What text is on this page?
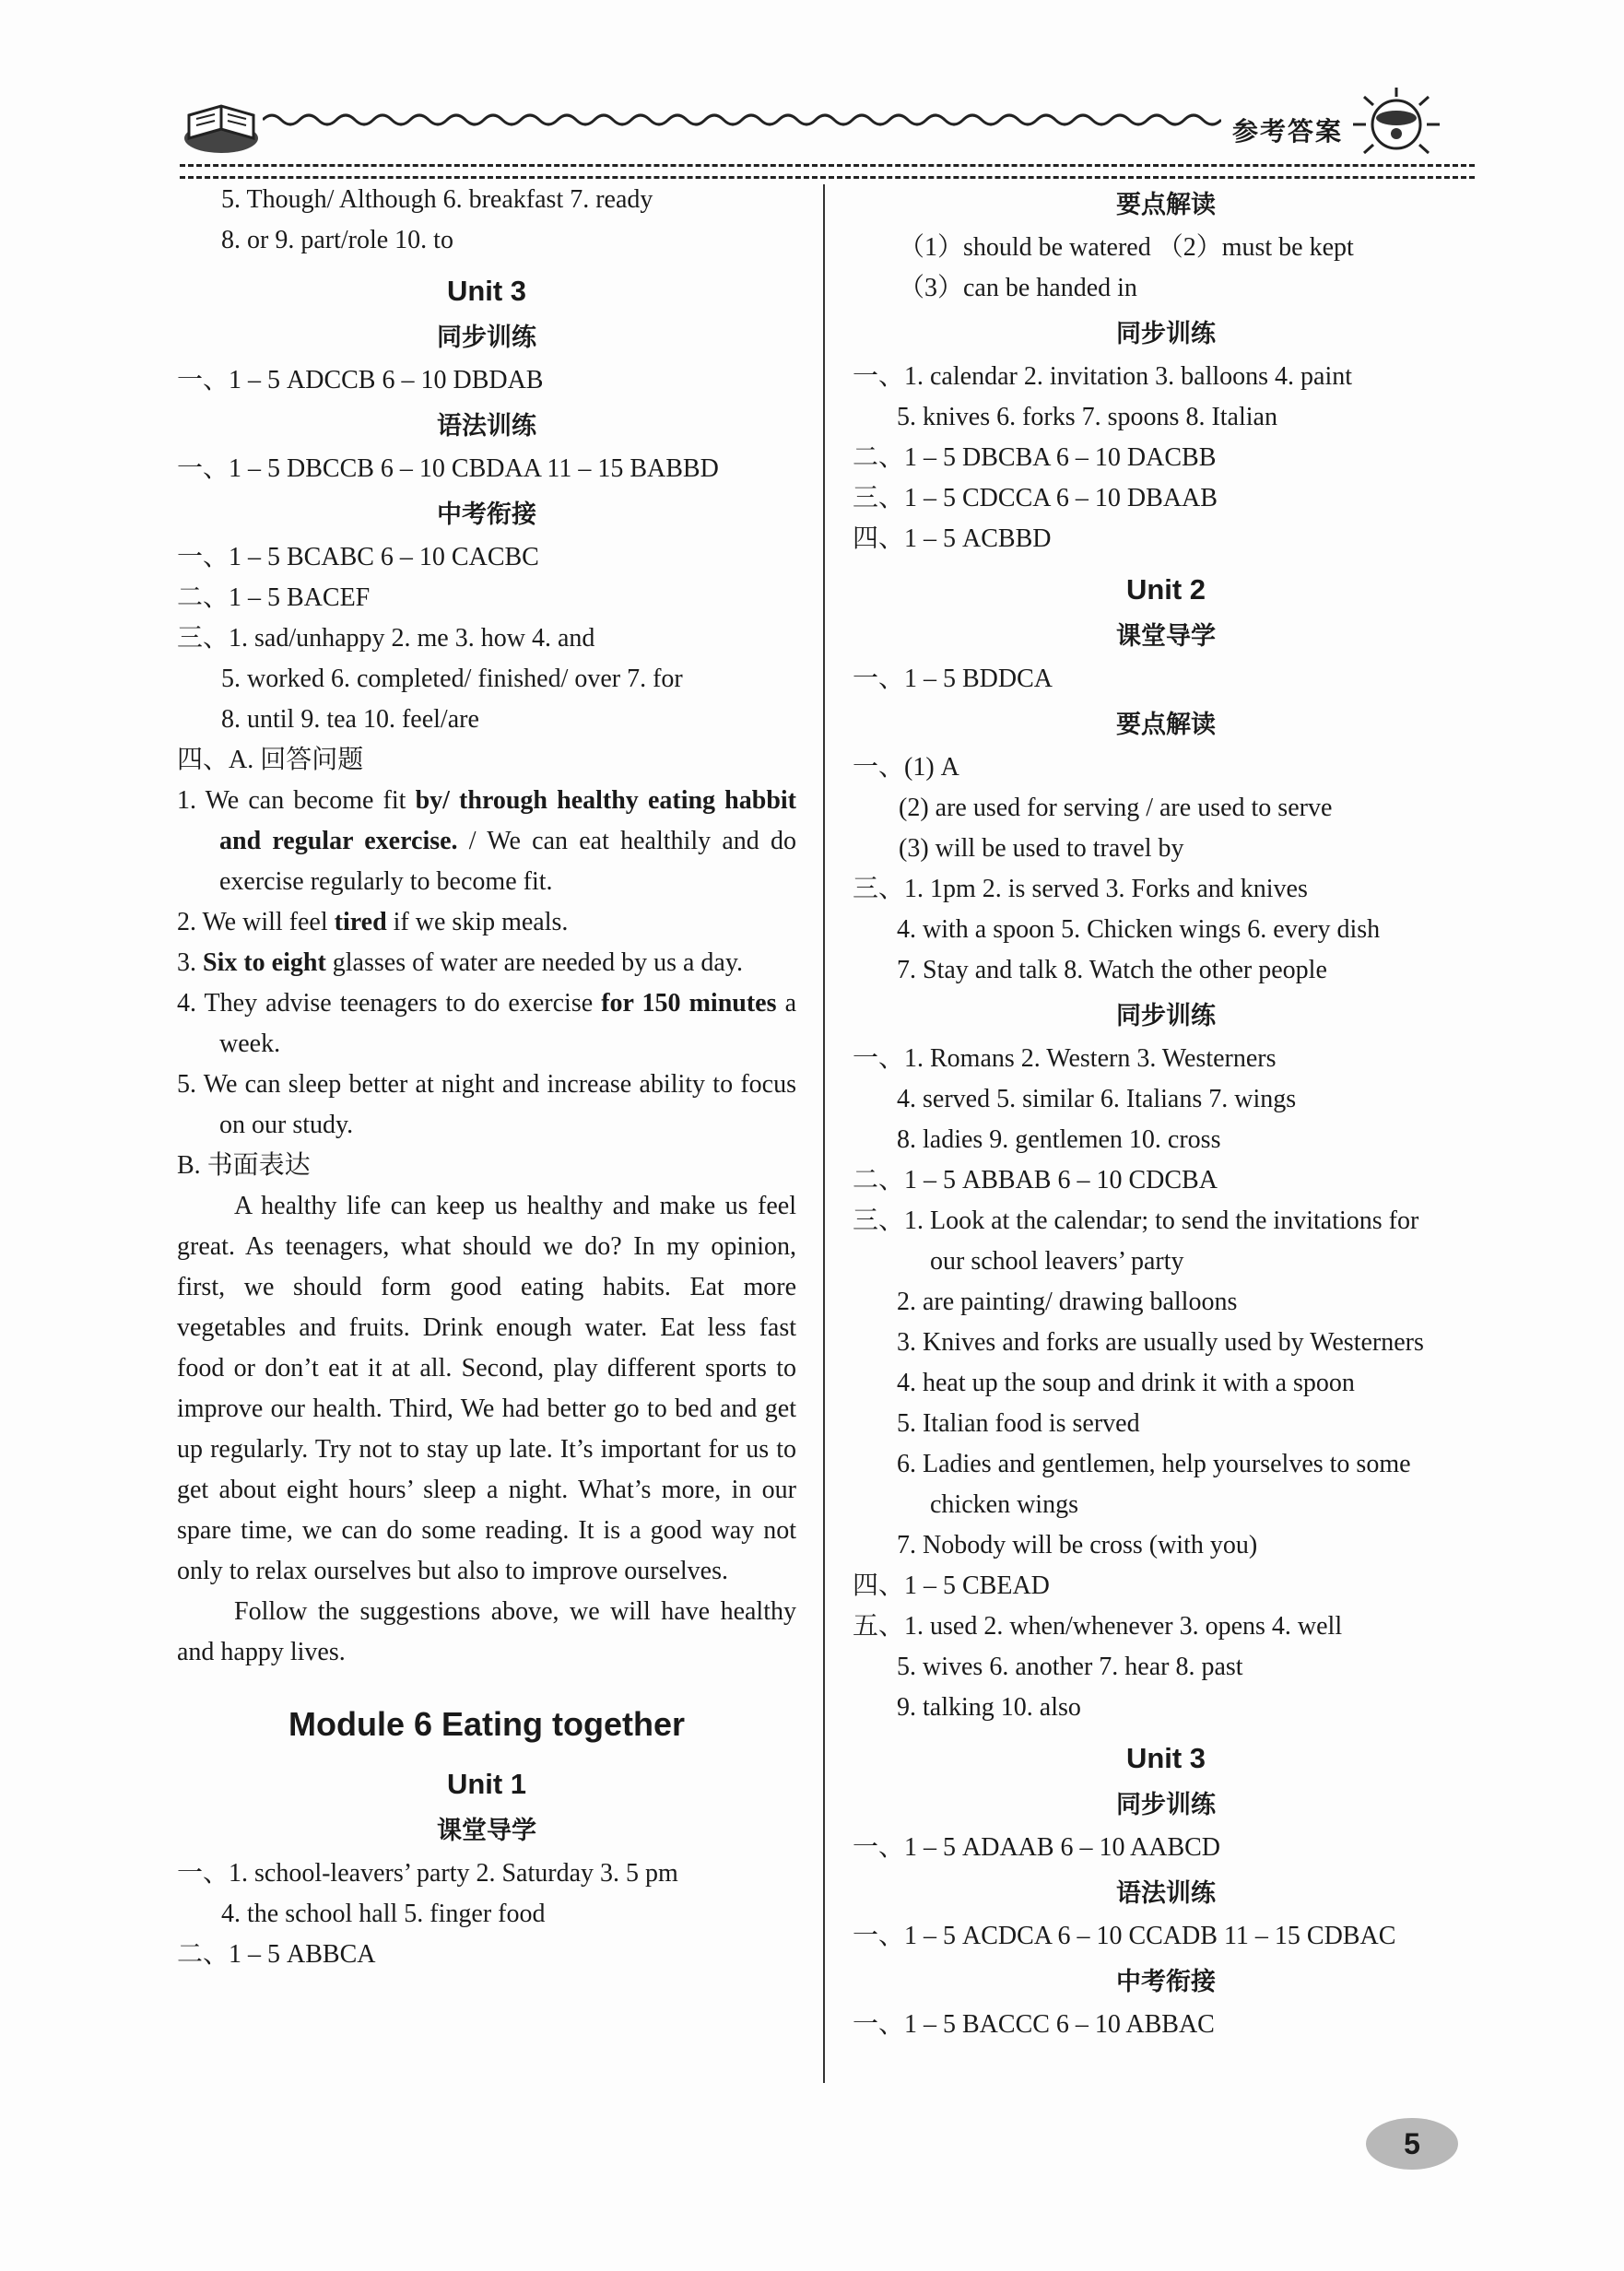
参考答案
5. Though/ Although 6. breakfast 7. ready
8. or 9. part/role 10. to
Unit 3
同步训练
一、1 – 5 ADCCB 6 – 10 DBDAB
语法训练
一、1 – 5 DBCCB 6 – 10 CBDAA 11 – 15 BABBD
中考衔接
一、1 – 5 BCABC 6 – 10 CACBC
二、1 – 5 BACEF
三、1. sad/unhappy 2. me 3. how 4. and
5. worked 6. completed/ finished/ over 7. for
8. until 9. tea 10. feel/are
四、A. 回答问题
1. We can become fit by/ through healthy eating habbit and regular exercise. / We can eat healthily and do exercise regularly to become fit.
2. We will feel tired if we skip meals.
3. Six to eight glasses of water are needed by us a day.
4. They advise teenagers to do exercise for 150 minutes a week.
5. We can sleep better at night and increase ability to focus on our study.
B. 书面表达
A healthy life can keep us healthy and make us feel great. As teenagers, what should we do? In my opinion, first, we should form good eating habits. Eat more vegetables and fruits. Drink enough water. Eat less fast food or don’t eat it at all. Second, play different sports to improve our health. Third, We had better go to bed and get up regularly. Try not to stay up late. It’s important for us to get about eight hours’ sleep a night. What’s more, in our spare time, we can do some reading. It is a good way not only to relax ourselves but also to improve ourselves.
Follow the suggestions above, we will have healthy and happy lives.
Module 6 Eating together
Unit 1
课堂导学
一、1. school-leavers’ party 2. Saturday 3. 5 pm
4. the school hall 5. finger food
二、1 – 5 ABBCA
要点解读
（1）should be watered （2）must be kept
（3）can be handed in
同步训练
一、1. calendar 2. invitation 3. balloons 4. paint
5. knives 6. forks 7. spoons 8. Italian
二、1 – 5 DBCBA 6 – 10 DACBB
三、1 – 5 CDCCA 6 – 10 DBAAB
四、1 – 5 ACBBD
Unit 2
课堂导学
一、1 – 5 BDDCA
要点解读
一、(1) A
(2) are used for serving / are used to serve
(3) will be used to travel by
三、1. 1pm 2. is served 3. Forks and knives
4. with a spoon 5. Chicken wings 6. every dish
7. Stay and talk 8. Watch the other people
同步训练
一、1. Romans 2. Western 3. Westerners
4. served 5. similar 6. Italians 7. wings
8. ladies 9. gentlemen 10. cross
二、1 – 5 ABBAB 6 – 10 CDCBA
三、1. Look at the calendar; to send the invitations for
our school leavers’ party
2. are painting/ drawing balloons
3. Knives and forks are usually used by Westerners
4. heat up the soup and drink it with a spoon
5. Italian food is served
6. Ladies and gentlemen, help yourselves to some
chicken wings
7. Nobody will be cross (with you)
四、1 – 5 CBEAD
五、1. used 2. when/whenever 3. opens 4. well
5. wives 6. another 7. hear 8. past
9. talking 10. also
Unit 3
同步训练
一、1 – 5 ADAAB 6 – 10 AABCD
语法训练
一、1 – 5 ACDCA 6 – 10 CCADB 11 – 15 CDBAC
中考衔接
一、1 – 5 BACCC 6 – 10 ABBAC
5
